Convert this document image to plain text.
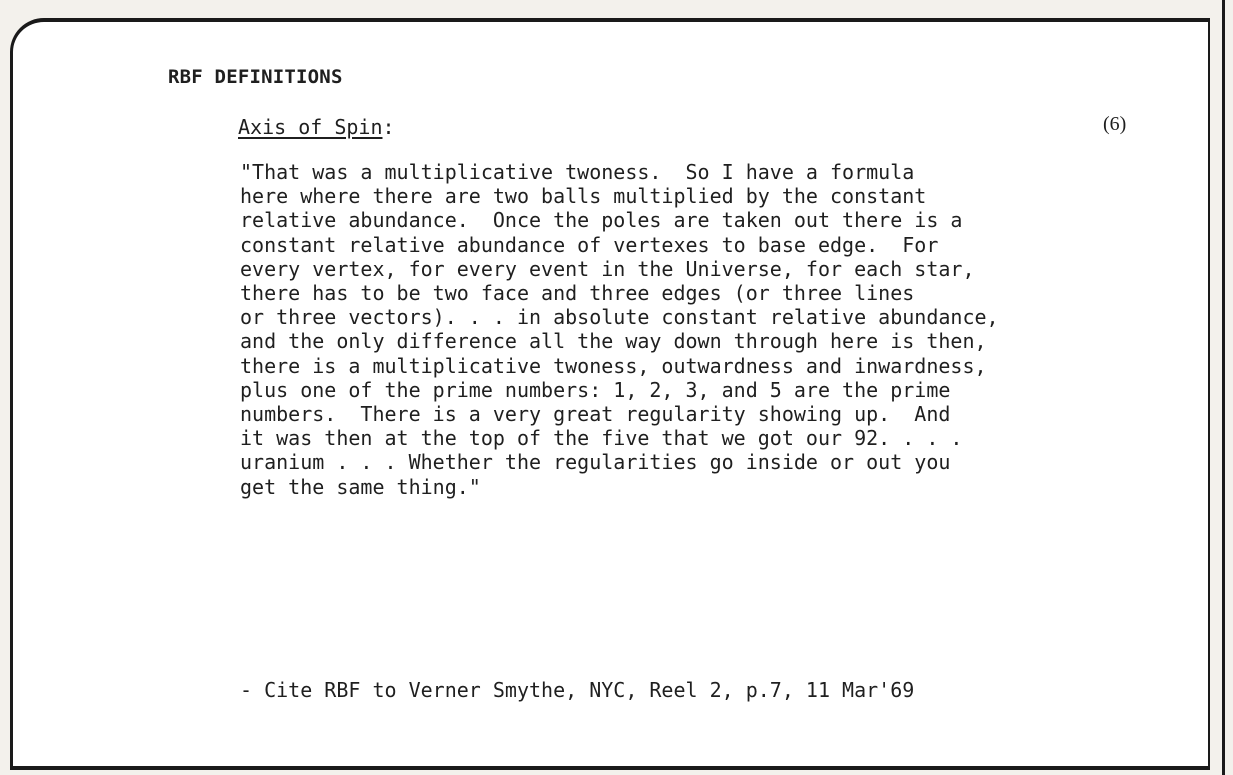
RBF DEFINITIONS
Axis of Spin:	(6)
"That was a multiplicative twoness.  So I have a formula
here where there are two balls multiplied by the constant
relative abundance.  Once the poles are taken out there is a
constant relative abundance of vertexes to base edge.  For
every vertex, for every event in the Universe, for each star,
there has to be two face and three edges (or three lines
or three vectors). . . in absolute constant relative abundance,
and the only difference all the way down through here is then,
there is a multiplicative twoness, outwardness and inwardness,
plus one of the prime numbers: 1, 2, 3, and 5 are the prime
numbers.  There is a very great regularity showing up.  And
it was then at the top of the five that we got our 92. . . .
uranium . . . Whether the regularities go inside or out you
get the same thing."
- Cite RBF to Verner Smythe, NYC, Reel 2, p.7, 11 Mar'69
